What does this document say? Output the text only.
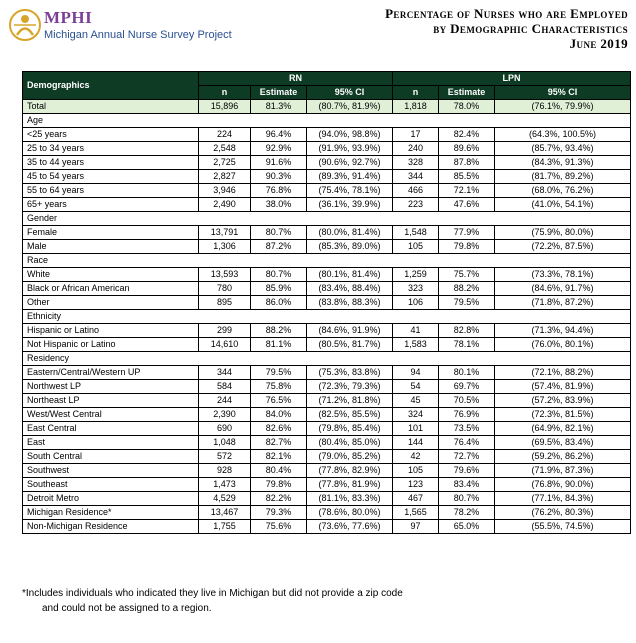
MPHI
Michigan Annual Nurse Survey Project
Percentage of Nurses who are Employed
by Demographic Characteristics
June 2019
Demographics	RN			LPN		
	n	Estimate	95% CI	n	Estimate	95% CI
Total	15,896	81.3%	(80.7%, 81.9%)	1,818	78.0%	(76.1%, 79.9%)
Age						
<25 years	224	96.4%	(94.0%, 98.8%)	17	82.4%	(64.3%, 100.5%)
25 to 34 years	2,548	92.9%	(91.9%, 93.9%)	240	89.6%	(85.7%, 93.4%)
35 to 44 years	2,725	91.6%	(90.6%, 92.7%)	328	87.8%	(84.3%, 91.3%)
45 to 54 years	2,827	90.3%	(89.3%, 91.4%)	344	85.5%	(81.7%, 89.2%)
55 to 64 years	3,946	76.8%	(75.4%, 78.1%)	466	72.1%	(68.0%, 76.2%)
65+ years	2,490	38.0%	(36.1%, 39.9%)	223	47.6%	(41.0%, 54.1%)
Gender						
Female	13,791	80.7%	(80.0%, 81.4%)	1,548	77.9%	(75.9%, 80.0%)
Male	1,306	87.2%	(85.3%, 89.0%)	105	79.8%	(72.2%, 87.5%)
Race						
White	13,593	80.7%	(80.1%, 81.4%)	1,259	75.7%	(73.3%, 78.1%)
Black or African American	780	85.9%	(83.4%, 88.4%)	323	88.2%	(84.6%, 91.7%)
Other	895	86.0%	(83.8%, 88.3%)	106	79.5%	(71.8%, 87.2%)
Ethnicity						
Hispanic or Latino	299	88.2%	(84.6%, 91.9%)	41	82.8%	(71.3%, 94.4%)
Not Hispanic or Latino	14,610	81.1%	(80.5%, 81.7%)	1,583	78.1%	(76.0%, 80.1%)
Residency						
Eastern/Central/Western UP	344	79.5%	(75.3%, 83.8%)	94	80.1%	(72.1%, 88.2%)
Northwest LP	584	75.8%	(72.3%, 79.3%)	54	69.7%	(57.4%, 81.9%)
Northeast LP	244	76.5%	(71.2%, 81.8%)	45	70.5%	(57.2%, 83.9%)
West/West Central	2,390	84.0%	(82.5%, 85.5%)	324	76.9%	(72.3%, 81.5%)
East Central	690	82.6%	(79.8%, 85.4%)	101	73.5%	(64.9%, 82.1%)
East	1,048	82.7%	(80.4%, 85.0%)	144	76.4%	(69.5%, 83.4%)
South Central	572	82.1%	(79.0%, 85.2%)	42	72.7%	(59.2%, 86.2%)
Southwest	928	80.4%	(77.8%, 82.9%)	105	79.6%	(71.9%, 87.3%)
Southeast	1,473	79.8%	(77.8%, 81.9%)	123	83.4%	(76.8%, 90.0%)
Detroit Metro	4,529	82.2%	(81.1%, 83.3%)	467	80.7%	(77.1%, 84.3%)
Michigan Residence*	13,467	79.3%	(78.6%, 80.0%)	1,565	78.2%	(76.2%, 80.3%)
Non-Michigan Residence	1,755	75.6%	(73.6%, 77.6%)	97	65.0%	(55.5%, 74.5%)
*Includes individuals who indicated they live in Michigan but did not provide a zip code
and could not be assigned to a region.
